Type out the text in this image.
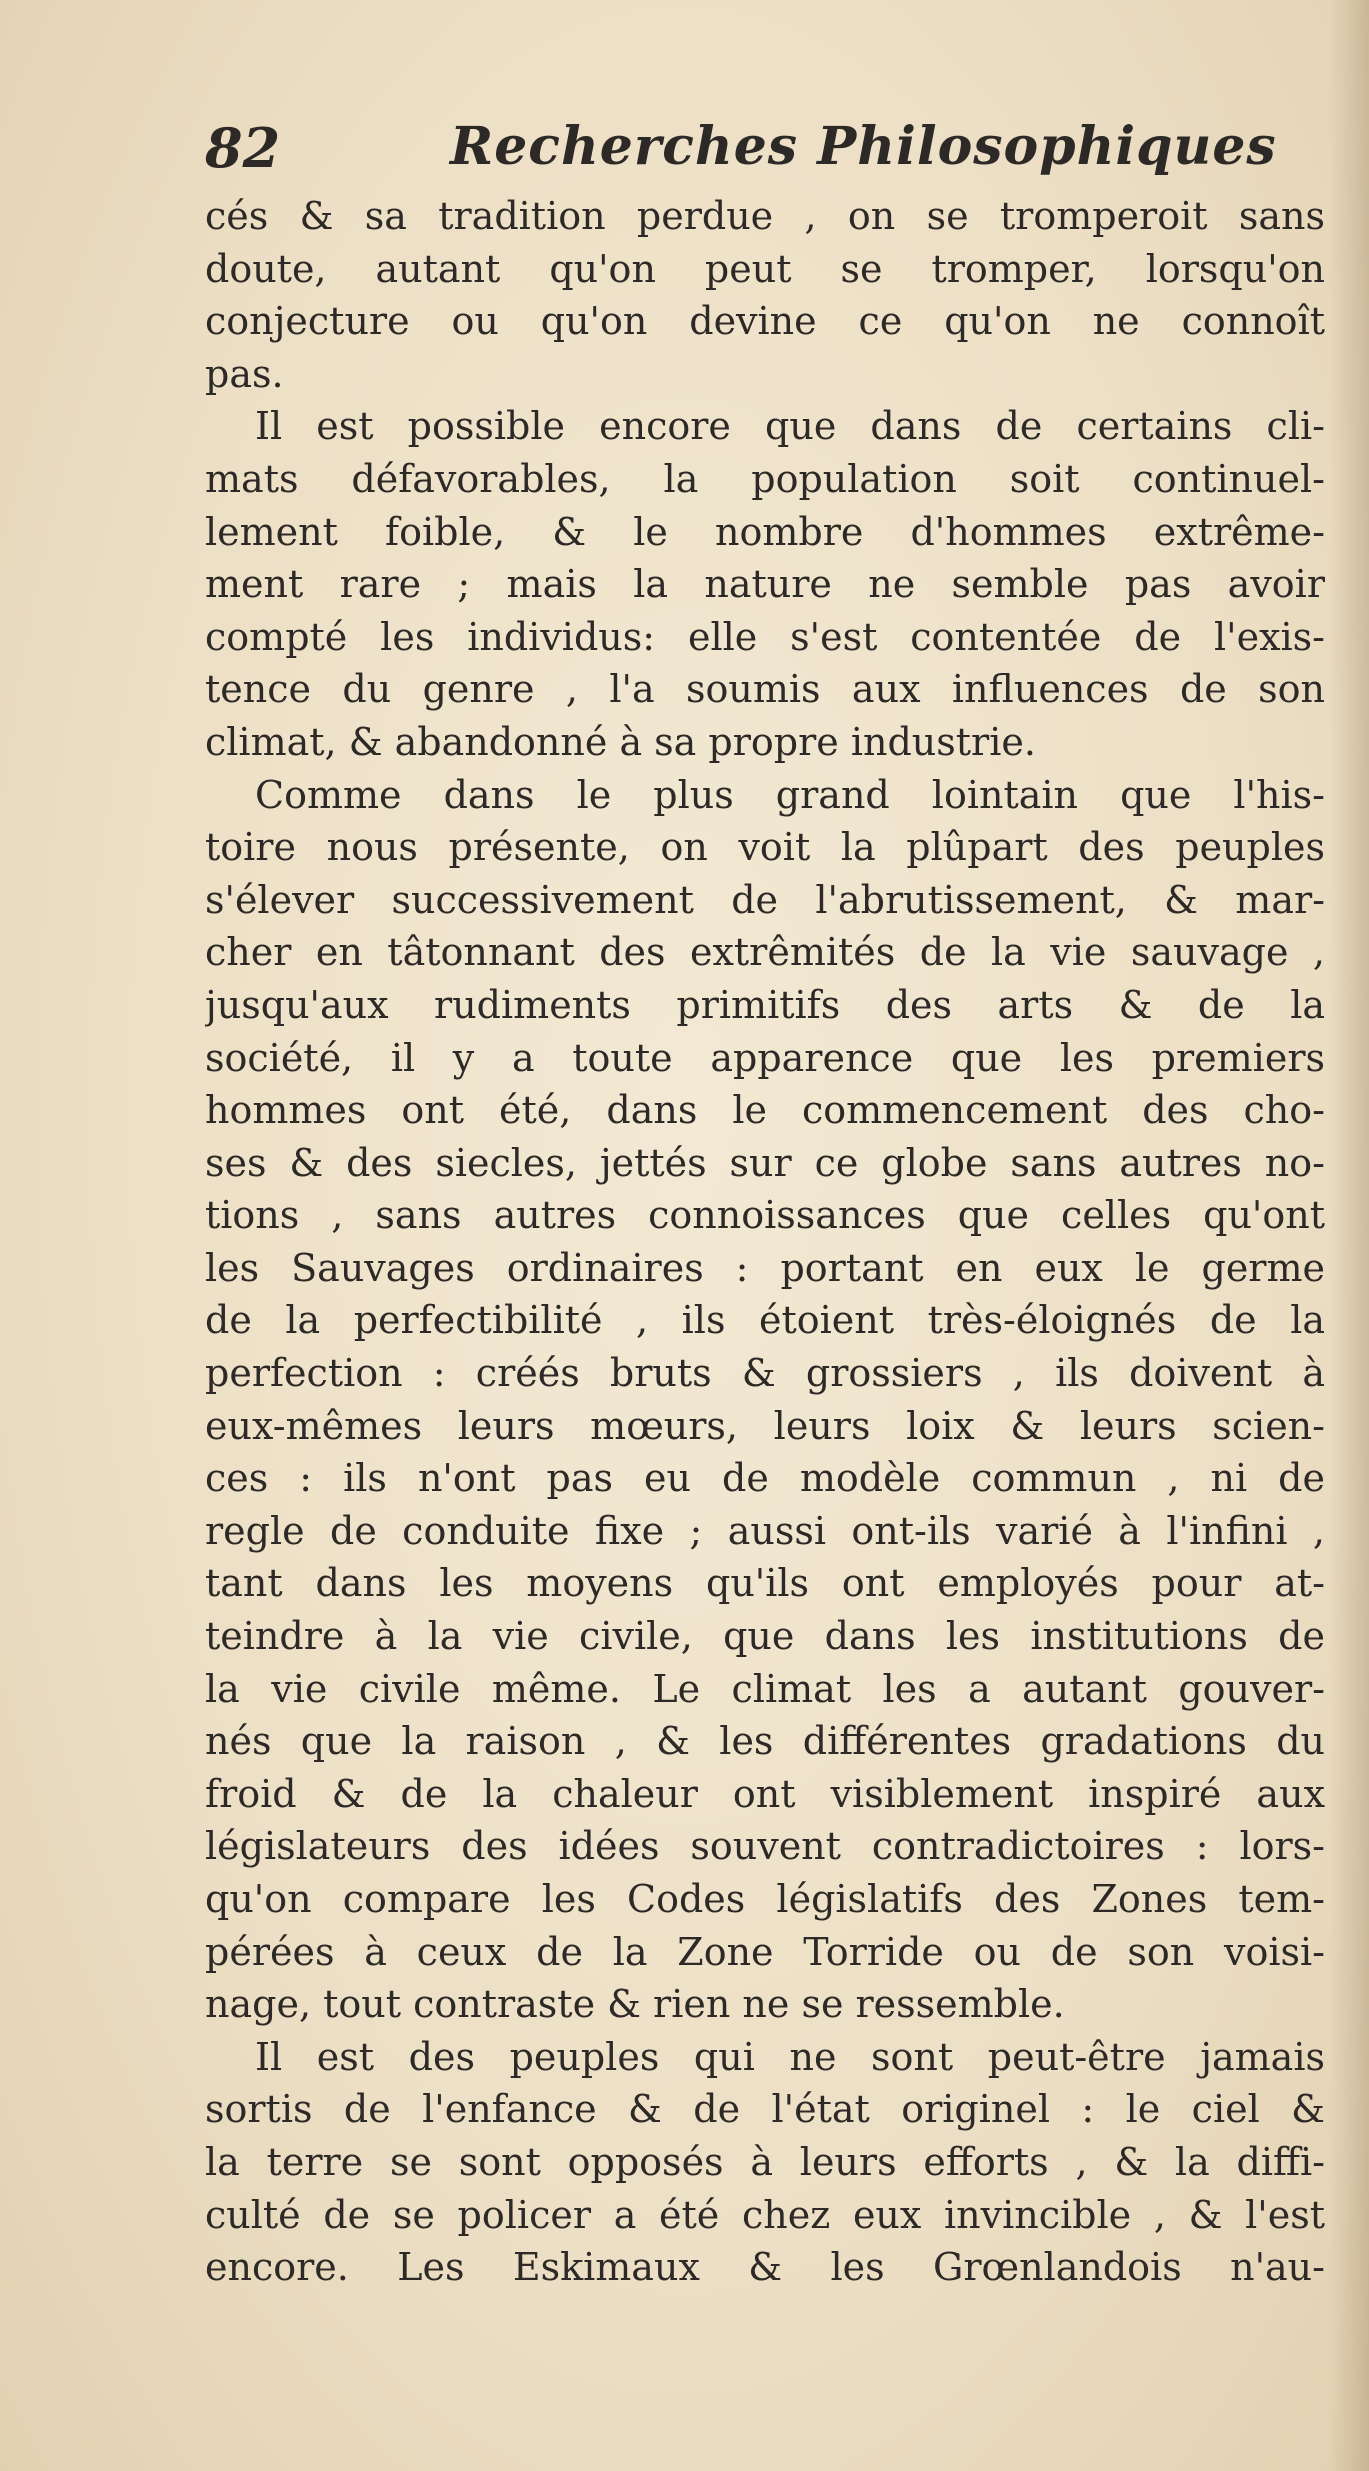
82	Recherches Philosophiques
cés & sa tradition perdue , on se tromperoit sans
doute, autant qu'on peut se tromper, lorsqu'on
conjecture ou qu'on devine ce qu'on ne connoît
pas.
Il est possible encore que dans de certains cli-
mats défavorables, la population soit continuel-
lement foible, & le nombre d'hommes extrême-
ment rare ; mais la nature ne semble pas avoir
compté les individus: elle s'est contentée de l'exis-
tence du genre , l'a soumis aux influences de son
climat, & abandonné à sa propre industrie.
Comme dans le plus grand lointain que l'his-
toire nous présente, on voit la plûpart des peuples
s'élever successivement de l'abrutissement, & mar-
cher en tâtonnant des extrêmités de la vie sauvage ,
jusqu'aux rudiments primitifs des arts & de la
société, il y a toute apparence que les premiers
hommes ont été, dans le commencement des cho-
ses & des siecles, jettés sur ce globe sans autres no-
tions , sans autres connoissances que celles qu'ont
les Sauvages ordinaires : portant en eux le germe
de la perfectibilité , ils étoient très-éloignés de la
perfection : créés bruts & grossiers , ils doivent à
eux-mêmes leurs mœurs, leurs loix & leurs scien-
ces : ils n'ont pas eu de modèle commun , ni de
regle de conduite fixe ; aussi ont-ils varié à l'infini ,
tant dans les moyens qu'ils ont employés pour at-
teindre à la vie civile, que dans les institutions de
la vie civile même. Le climat les a autant gouver-
nés que la raison , & les différentes gradations du
froid & de la chaleur ont visiblement inspiré aux
législateurs des idées souvent contradictoires : lors-
qu'on compare les Codes législatifs des Zones tem-
pérées à ceux de la Zone Torride ou de son voisi-
nage, tout contraste & rien ne se ressemble.
Il est des peuples qui ne sont peut-être jamais
sortis de l'enfance & de l'état originel : le ciel &
la terre se sont opposés à leurs efforts , & la diffi-
culté de se policer a été chez eux invincible , & l'est
encore. Les Eskimaux & les Grœnlandois n'au-
